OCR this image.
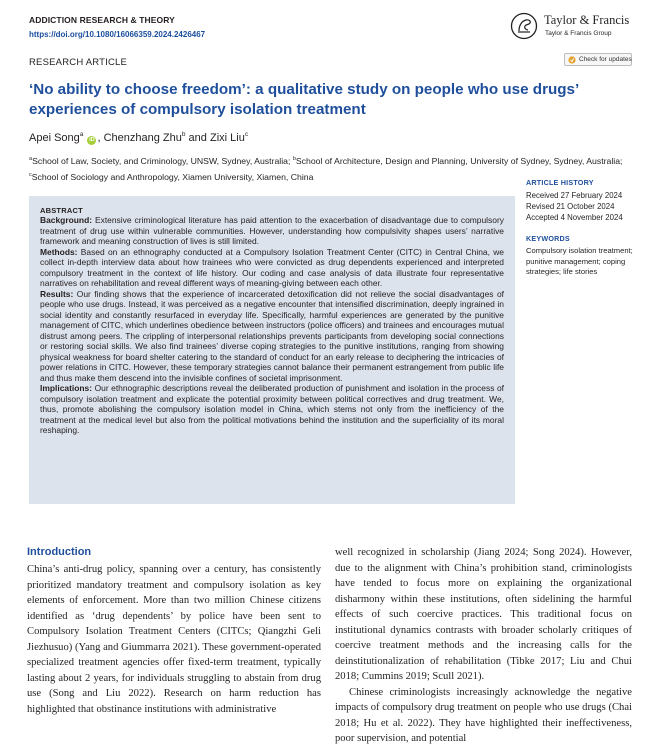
ADDICTION RESEARCH & THEORY
https://doi.org/10.1080/16066359.2024.2426467
Taylor & Francis
Taylor & Francis Group
RESEARCH ARTICLE	Check for updates
‘No ability to choose freedom’: a qualitative study on people who use drugs’ experiences of compulsory isolation treatment
Apei Song$^a$ iD , Chenzhang Zhu$^b$ and Zixi Liu$^c$
$^a$School of Law, Society, and Criminology, UNSW, Sydney, Australia; $^b$School of Architecture, Design and Planning, University of Sydney, Sydney, Australia; $^c$School of Sociology and Anthropology, Xiamen University, Xiamen, China
ABSTRACT

Background: Extensive criminological literature has paid attention to the exacerbation of disadvantage due to compulsory treatment of drug use within vulnerable communities. However, understanding how compulsivity shapes users’ narrative framework and meaning construction of lives is still limited.

Methods: Based on an ethnography conducted at a Compulsory Isolation Treatment Center (CITC) in Central China, we collect in-depth interview data about how trainees who were convicted as drug dependents experienced and interpreted compulsory treatment in the context of life history. Our coding and case analysis of data illustrate four representative narratives on rehabilitation and reveal different ways of meaning-giving between each other.

Results: Our finding shows that the experience of incarcerated detoxification did not relieve the social disadvantages of people who use drugs. Instead, it was perceived as a negative encounter that intensified discrimination, deeply ingrained in social identity and constantly resurfaced in everyday life. Specifically, harmful experiences are generated by the punitive management of CITC, which underlines obedience between instructors (police officers) and trainees and encourages mutual distrust among peers. The crippling of interpersonal relationships prevents participants from developing social connections or restoring social skills. We also find trainees’ diverse coping strategies to the punitive institutions, ranging from showing physical weakness for board shelter catering to the standard of conduct for an early release to deciphering the intricacies of power relations in CITC. However, these temporary strategies cannot balance their permanent estrangement from public life and thus make them descend into the invisible confines of societal imprisonment.

Implications: Our ethnographic descriptions reveal the deliberated production of punishment and isolation in the process of compulsory isolation treatment and explicate the potential proximity between political correctives and drug treatment. We, thus, promote abolishing the compulsory isolation model in China, which stems not only from the inefficiency of the treatment at the medical level but also from the political motivations behind the institution and the superficiality of its moral reshaping.

ARTICLE HISTORY
Received 27 February 2024
Revised 21 October 2024
Accepted 4 November 2024
KEYWORDS
Compulsory isolation treatment; punitive management; coping strategies; life stories
Introduction

China’s anti-drug policy, spanning over a century, has consistently prioritized mandatory treatment and compulsory isolation as key elements of enforcement. More than two million Chinese citizens identified as ‘drug dependents’ by police have been sent to Compulsory Isolation Treatment Centers (CITCs; Qiangzhi Geli Jiezhusuo) (Yang and Giummarra 2021). These government-operated specialized treatment agencies offer fixed-term treatment, typically lasting about 2 years, for individuals struggling to abstain from drug use (Song and Liu 2022). Research on harm reduction has highlighted that obstinance institutions with administrative

well recognized in scholarship (Jiang 2024; Song 2024). However, due to the alignment with China’s prohibition stand, criminologists have tended to focus more on explaining the organizational disharmony within these institutions, often sidelining the harmful effects of such coercive practices. This traditional focus on institutional dynamics contrasts with broader scholarly critiques of coercive treatment methods and the increasing calls for the deinstitutionalization of rehabilitation (Tibke 2017; Liu and Chui 2018; Cummins 2019; Scull 2021).

Chinese criminologists increasingly acknowledge the negative impacts of compulsory drug treatment on people who use drugs (Chai 2018; Hu et al. 2022). They have highlighted their ineffectiveness, poor supervision, and potential
